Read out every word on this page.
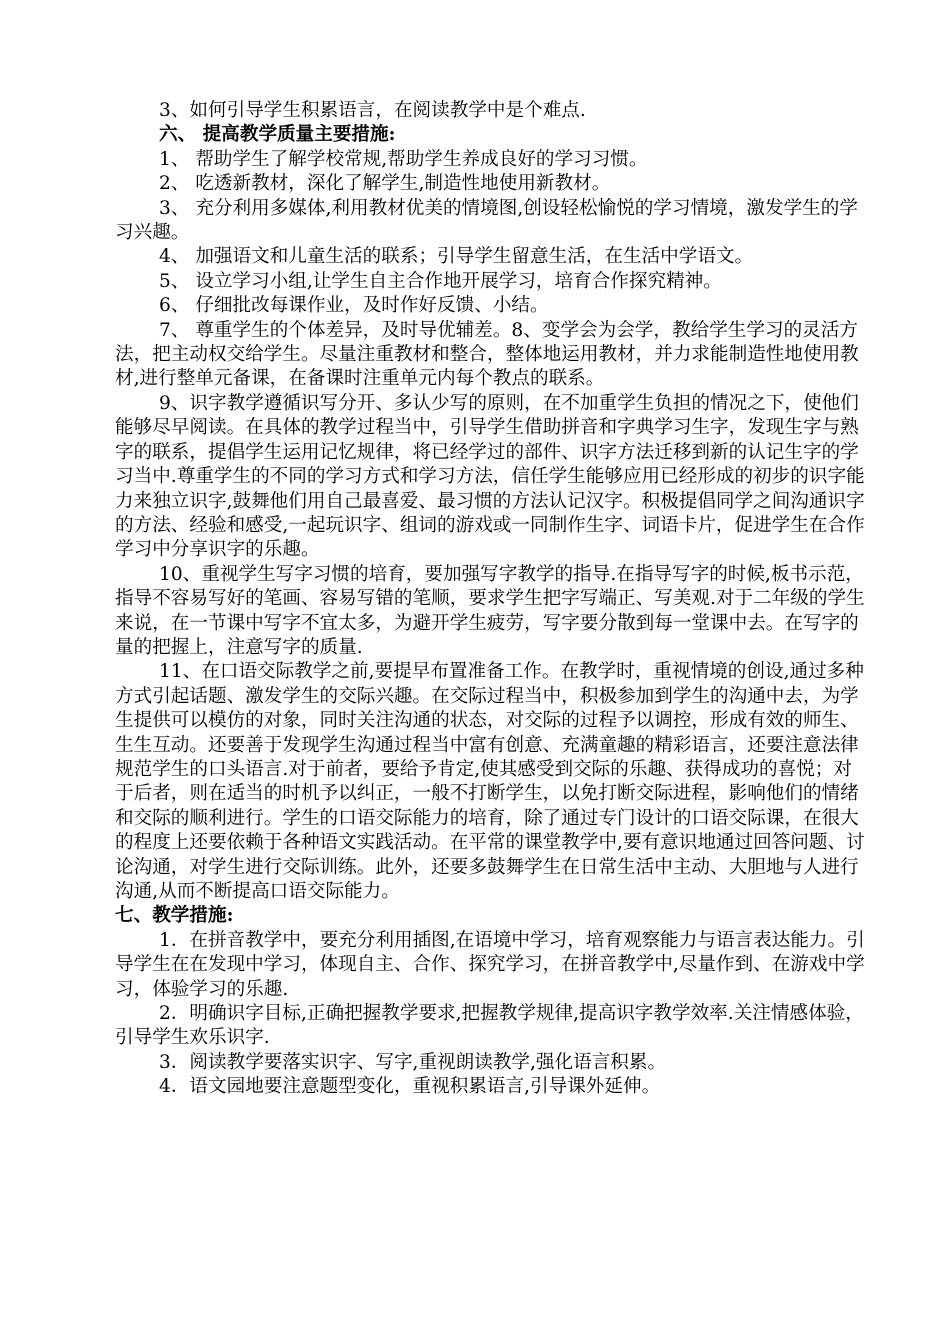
3、如何引导学生积累语言，在阅读教学中是个难点.

六、 提高教学质量主要措施:

1、 帮助学生了解学校常规,帮助学生养成良好的学习习惯。

2、 吃透新教材，深化了解学生,制造性地使用新教材。

3、 充分利用多媒体,利用教材优美的情境图,创设轻松愉悦的学习情境，激发学生的学习兴趣。

4、 加强语文和儿童生活的联系；引导学生留意生活，在生活中学语文。

5、 设立学习小组,让学生自主合作地开展学习，培育合作探究精神。

6、 仔细批改每课作业，及时作好反馈、小结。

7、 尊重学生的个体差异，及时导优辅差。8、变学会为会学，教给学生学习的灵活方法，把主动权交给学生。尽量注重教材和整合，整体地运用教材，并力求能制造性地使用教材,进行整单元备课，在备课时注重单元内每个教点的联系。

9、识字教学遵循识写分开、多认少写的原则，在不加重学生负担的情况之下，使他们能够尽早阅读。在具体的教学过程当中，引导学生借助拼音和字典学习生字，发现生字与熟字的联系，提倡学生运用记忆规律，将已经学过的部件、识字方法迁移到新的认记生字的学习当中.尊重学生的不同的学习方式和学习方法，信任学生能够应用已经形成的初步的识字能力来独立识字,鼓舞他们用自己最喜爱、最习惯的方法认记汉字。积极提倡同学之间沟通识字的方法、经验和感受,一起玩识字、组词的游戏或一同制作生字、词语卡片，促进学生在合作学习中分享识字的乐趣。

10、重视学生写字习惯的培育，要加强写字教学的指导.在指导写字的时候,板书示范，指导不容易写好的笔画、容易写错的笔顺，要求学生把字写端正、写美观.对于二年级的学生来说，在一节课中写字不宜太多，为避开学生疲劳，写字要分散到每一堂课中去。在写字的量的把握上，注意写字的质量.

11、在口语交际教学之前,要提早布置准备工作。在教学时，重视情境的创设,通过多种方式引起话题、激发学生的交际兴趣。在交际过程当中，积极参加到学生的沟通中去，为学生提供可以模仿的对象，同时关注沟通的状态，对交际的过程予以调控，形成有效的师生、生生互动。还要善于发现学生沟通过程当中富有创意、充满童趣的精彩语言，还要注意法律规范学生的口头语言.对于前者，要给予肯定,使其感受到交际的乐趣、获得成功的喜悦；对于后者，则在适当的时机予以纠正，一般不打断学生，以免打断交际进程，影响他们的情绪和交际的顺利进行。学生的口语交际能力的培育，除了通过专门设计的口语交际课，在很大的程度上还要依赖于各种语文实践活动。在平常的课堂教学中,要有意识地通过回答问题、讨论沟通，对学生进行交际训练。此外，还要多鼓舞学生在日常生活中主动、大胆地与人进行沟通,从而不断提高口语交际能力。

七、教学措施:

1．在拼音教学中，要充分利用插图,在语境中学习，培育观察能力与语言表达能力。引导学生在在发现中学习，体现自主、合作、探究学习，在拼音教学中,尽量作到、在游戏中学习，体验学习的乐趣.

2．明确识字目标,正确把握教学要求,把握教学规律,提高识字教学效率.关注情感体验，引导学生欢乐识字.

3．阅读教学要落实识字、写字,重视朗读教学,强化语言积累。

4．语文园地要注意题型变化，重视积累语言,引导课外延伸。
